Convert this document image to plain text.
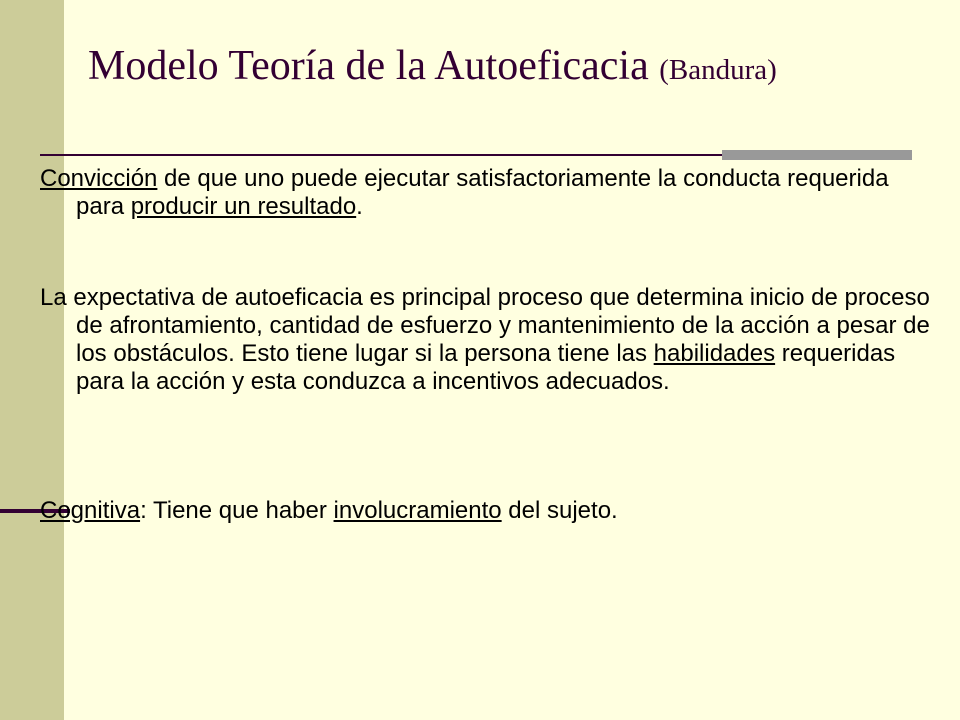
Modelo Teoría de la Autoeficacia (Bandura)

Convicción de que uno puede ejecutar satisfactoriamente la conducta requerida para producir un resultado.

La expectativa de autoeficacia es principal proceso que determina inicio de proceso de afrontamiento, cantidad de esfuerzo y mantenimiento de la acción a pesar de los obstáculos. Esto tiene lugar si la persona tiene las habilidades requeridas para la acción y esta conduzca a incentivos adecuados.

Cognitiva: Tiene que haber involucramiento del sujeto.
